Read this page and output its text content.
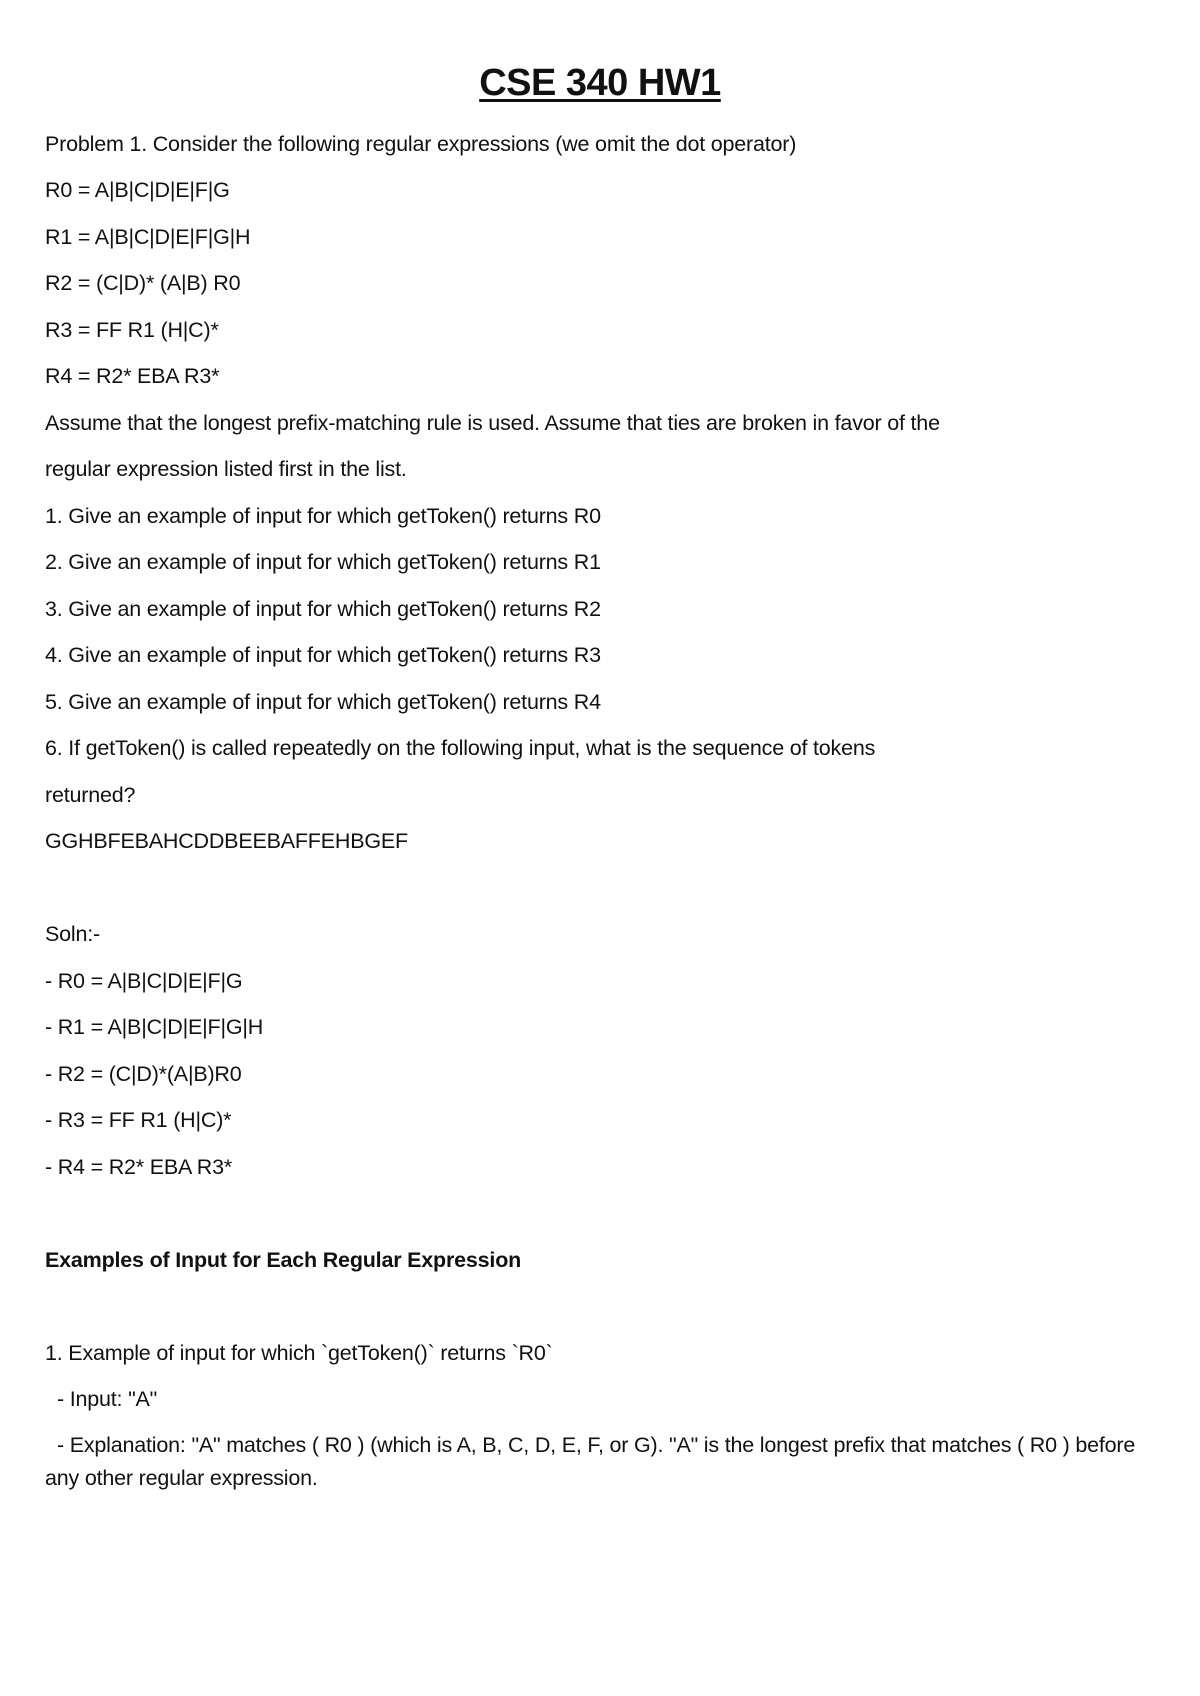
CSE 340 HW1
Problem 1. Consider the following regular expressions (we omit the dot operator)
R0 = A|B|C|D|E|F|G
R1 = A|B|C|D|E|F|G|H
R2 = (C|D)* (A|B) R0
R3 = FF R1 (H|C)*
R4 = R2* EBA R3*
Assume that the longest prefix-matching rule is used. Assume that ties are broken in favor of the
regular expression listed first in the list.
1. Give an example of input for which getToken() returns R0
2. Give an example of input for which getToken() returns R1
3. Give an example of input for which getToken() returns R2
4. Give an example of input for which getToken() returns R3
5. Give an example of input for which getToken() returns R4
6. If getToken() is called repeatedly on the following input, what is the sequence of tokens
returned?
GGHBFEBAHCDDBEEBAFFEHBGEF
Soln:-
- R0 = A|B|C|D|E|F|G
- R1 = A|B|C|D|E|F|G|H
- R2 = (C|D)*(A|B)R0
- R3 = FF R1 (H|C)*
- R4 = R2* EBA R3*
Examples of Input for Each Regular Expression
1. Example of input for which `getToken()` returns `R0`
- Input: "A"
- Explanation: "A" matches ( R0 ) (which is A, B, C, D, E, F, or G). "A" is the longest prefix that matches ( R0 ) before any other regular expression.
